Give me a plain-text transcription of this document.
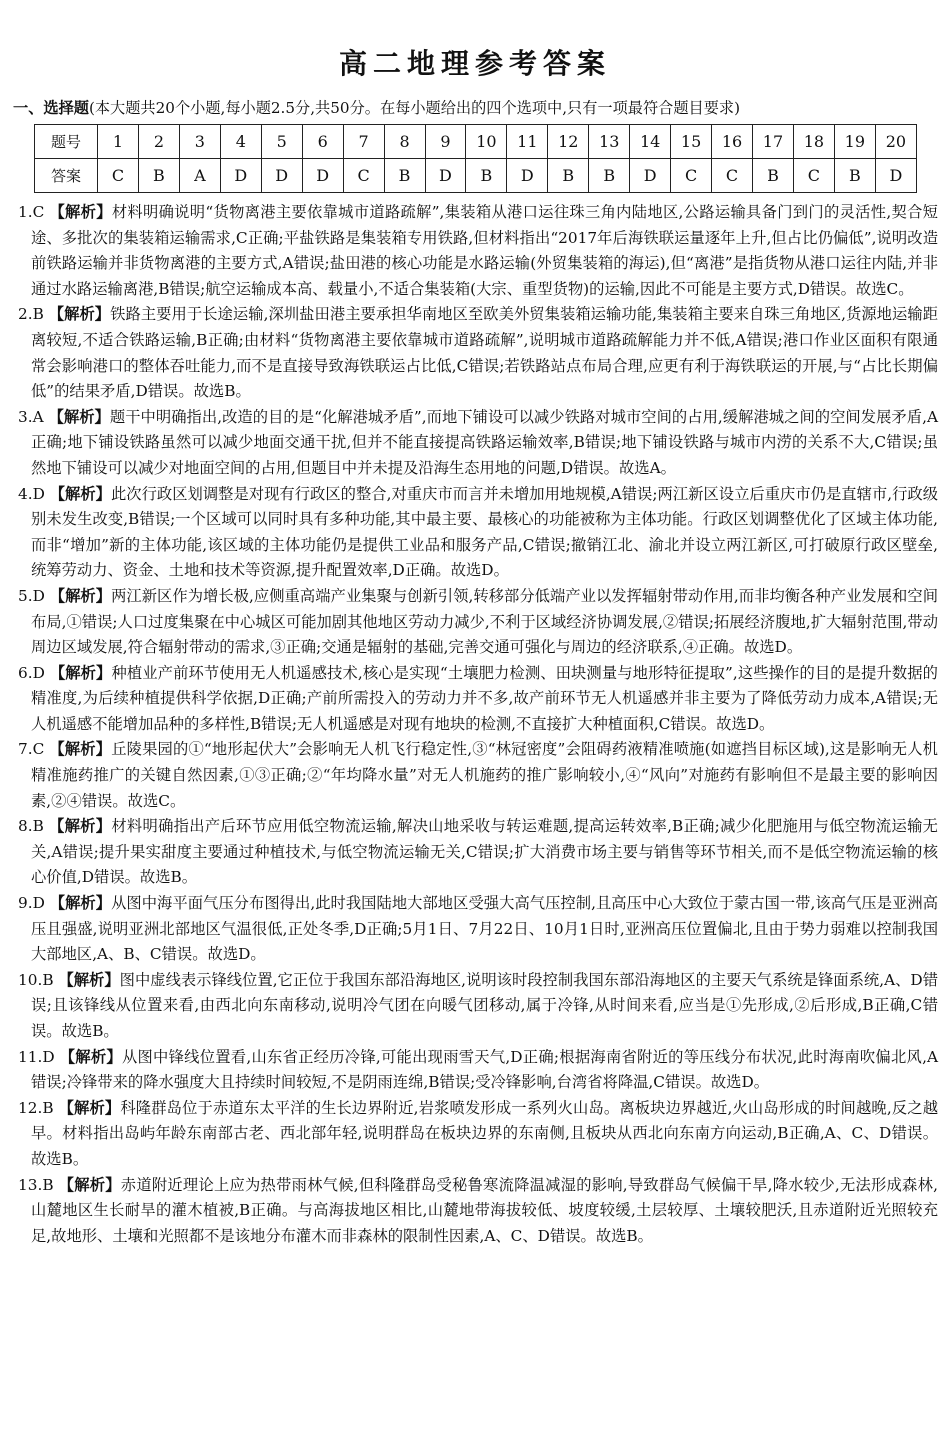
高二地理参考答案
一、选择题(本大题共20个小题,每小题2.5分,共50分。在每小题给出的四个选项中,只有一项最符合题目要求)
题号	1	2	3	4	5	6	7	8	9	10	11	12	13	14	15	16	17	18	19	20
答案	C	B	A	D	D	D	C	B	D	B	D	B	B	D	C	C	B	C	B	D

1.C 【解析】材料明确说明“货物离港主要依靠城市道路疏解”,集装箱从港口运往珠三角内陆地区,公路运输具备门到门的灵活性,契合短途、多批次的集装箱运输需求,C正确;平盐铁路是集装箱专用铁路,但材料指出“2017年后海铁联运量逐年上升,但占比仍偏低”,说明改造前铁路运输并非货物离港的主要方式,A错误;盐田港的核心功能是水路运输(外贸集装箱的海运),但“离港”是指货物从港口运往内陆,并非通过水路运输离港,B错误;航空运输成本高、载量小,不适合集装箱(大宗、重型货物)的运输,因此不可能是主要方式,D错误。故选C。

2.B 【解析】铁路主要用于长途运输,深圳盐田港主要承担华南地区至欧美外贸集装箱运输功能,集装箱主要来自珠三角地区,货源地运输距离较短,不适合铁路运输,B正确;由材料“货物离港主要依靠城市道路疏解”,说明城市道路疏解能力并不低,A错误;港口作业区面积有限通常会影响港口的整体吞吐能力,而不是直接导致海铁联运占比低,C错误;若铁路站点布局合理,应更有利于海铁联运的开展,与“占比长期偏低”的结果矛盾,D错误。故选B。

3.A 【解析】题干中明确指出,改造的目的是“化解港城矛盾”,而地下铺设可以减少铁路对城市空间的占用,缓解港城之间的空间发展矛盾,A正确;地下铺设铁路虽然可以减少地面交通干扰,但并不能直接提高铁路运输效率,B错误;地下铺设铁路与城市内涝的关系不大,C错误;虽然地下铺设可以减少对地面空间的占用,但题目中并未提及沿海生态用地的问题,D错误。故选A。

4.D 【解析】此次行政区划调整是对现有行政区的整合,对重庆市而言并未增加用地规模,A错误;两江新区设立后重庆市仍是直辖市,行政级别未发生改变,B错误;一个区域可以同时具有多种功能,其中最主要、最核心的功能被称为主体功能。行政区划调整优化了区域主体功能,而非“增加”新的主体功能,该区域的主体功能仍是提供工业品和服务产品,C错误;撤销江北、渝北并设立两江新区,可打破原行政区壁垒,统筹劳动力、资金、土地和技术等资源,提升配置效率,D正确。故选D。

5.D 【解析】两江新区作为增长极,应侧重高端产业集聚与创新引领,转移部分低端产业以发挥辐射带动作用,而非均衡各种产业发展和空间布局,①错误;人口过度集聚在中心城区可能加剧其他地区劳动力减少,不利于区域经济协调发展,②错误;拓展经济腹地,扩大辐射范围,带动周边区域发展,符合辐射带动的需求,③正确;交通是辐射的基础,完善交通可强化与周边的经济联系,④正确。故选D。

6.D 【解析】种植业产前环节使用无人机遥感技术,核心是实现“土壤肥力检测、田块测量与地形特征提取”,这些操作的目的是提升数据的精准度,为后续种植提供科学依据,D正确;产前所需投入的劳动力并不多,故产前环节无人机遥感并非主要为了降低劳动力成本,A错误;无人机遥感不能增加品种的多样性,B错误;无人机遥感是对现有地块的检测,不直接扩大种植面积,C错误。故选D。

7.C 【解析】丘陵果园的①“地形起伏大”会影响无人机飞行稳定性,③“林冠密度”会阻碍药液精准喷施(如遮挡目标区域),这是影响无人机精准施药推广的关键自然因素,①③正确;②“年均降水量”对无人机施药的推广影响较小,④“风向”对施药有影响但不是最主要的影响因素,②④错误。故选C。

8.B 【解析】材料明确指出产后环节应用低空物流运输,解决山地采收与转运难题,提高运转效率,B正确;减少化肥施用与低空物流运输无关,A错误;提升果实甜度主要通过种植技术,与低空物流运输无关,C错误;扩大消费市场主要与销售等环节相关,而不是低空物流运输的核心价值,D错误。故选B。

9.D 【解析】从图中海平面气压分布图得出,此时我国陆地大部地区受强大高气压控制,且高压中心大致位于蒙古国一带,该高气压是亚洲高压且强盛,说明亚洲北部地区气温很低,正处冬季,D正确;5月1日、7月22日、10月1日时,亚洲高压位置偏北,且由于势力弱难以控制我国大部地区,A、B、C错误。故选D。

10.B 【解析】图中虚线表示锋线位置,它正位于我国东部沿海地区,说明该时段控制我国东部沿海地区的主要天气系统是锋面系统,A、D错误;且该锋线从位置来看,由西北向东南移动,说明冷气团在向暖气团移动,属于冷锋,从时间来看,应当是①先形成,②后形成,B正确,C错误。故选B。

11.D 【解析】从图中锋线位置看,山东省正经历冷锋,可能出现雨雪天气,D正确;根据海南省附近的等压线分布状况,此时海南吹偏北风,A错误;冷锋带来的降水强度大且持续时间较短,不是阴雨连绵,B错误;受冷锋影响,台湾省将降温,C错误。故选D。

12.B 【解析】科隆群岛位于赤道东太平洋的生长边界附近,岩浆喷发形成一系列火山岛。离板块边界越近,火山岛形成的时间越晚,反之越早。材料指出岛屿年龄东南部古老、西北部年轻,说明群岛在板块边界的东南侧,且板块从西北向东南方向运动,B正确,A、C、D错误。故选B。

13.B 【解析】赤道附近理论上应为热带雨林气候,但科隆群岛受秘鲁寒流降温减湿的影响,导致群岛气候偏干旱,降水较少,无法形成森林,山麓地区生长耐旱的灌木植被,B正确。与高海拔地区相比,山麓地带海拔较低、坡度较缓,土层较厚、土壤较肥沃,且赤道附近光照较充足,故地形、土壤和光照都不是该地分布灌木而非森林的限制性因素,A、C、D错误。故选B。
